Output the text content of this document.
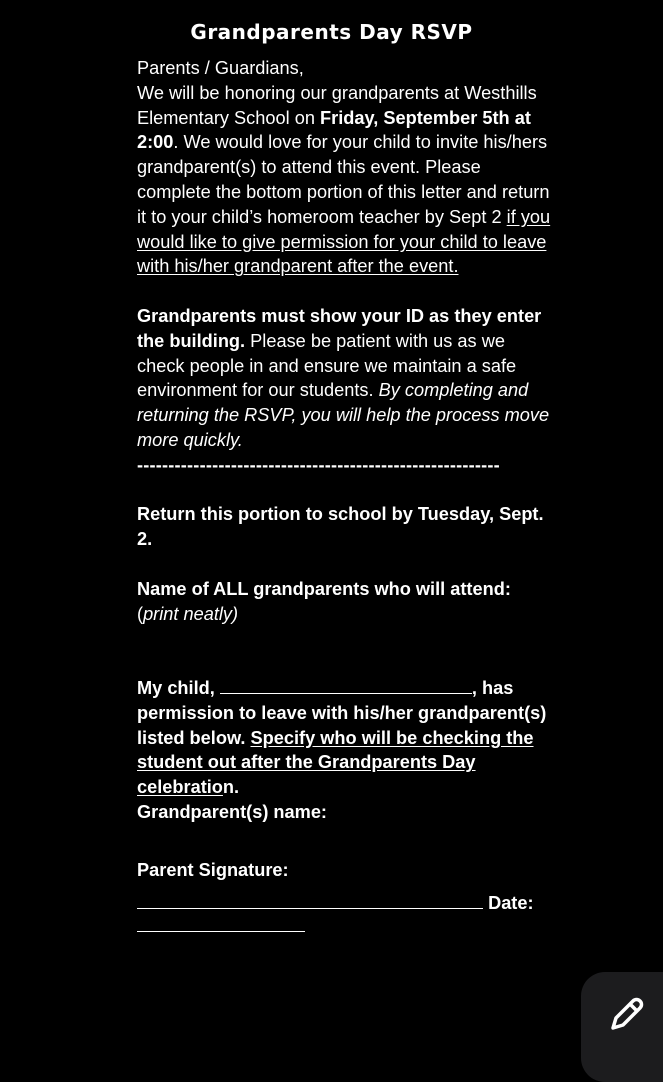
Grandparents Day RSVP

Parents / Guardians,

We will be honoring our grandparents at Westhills Elementary School on Friday, September 5th at 2:00. We would love for your child to invite his/hers grandparent(s) to attend this event. Please complete the bottom portion of this letter and return it to your child’s homeroom teacher by Sept 2 if you would like to give permission for your child to leave with his/her grandparent after the event.

Grandparents must show your ID as they enter the building. Please be patient with us as we check people in and ensure we maintain a safe environment for our students. By completing and returning the RSVP, you will help the process move more quickly.

----------------------------------------------------------

Return this portion to school by Tuesday, Sept. 2.

Name of ALL grandparents who will attend:

(print neatly)

My child,	, has permission to leave with his/her grandparent(s) listed below. Specify who will be checking the student out after the Grandparents Day celebration.

Grandparent(s) name:

Parent Signature:

Date:
